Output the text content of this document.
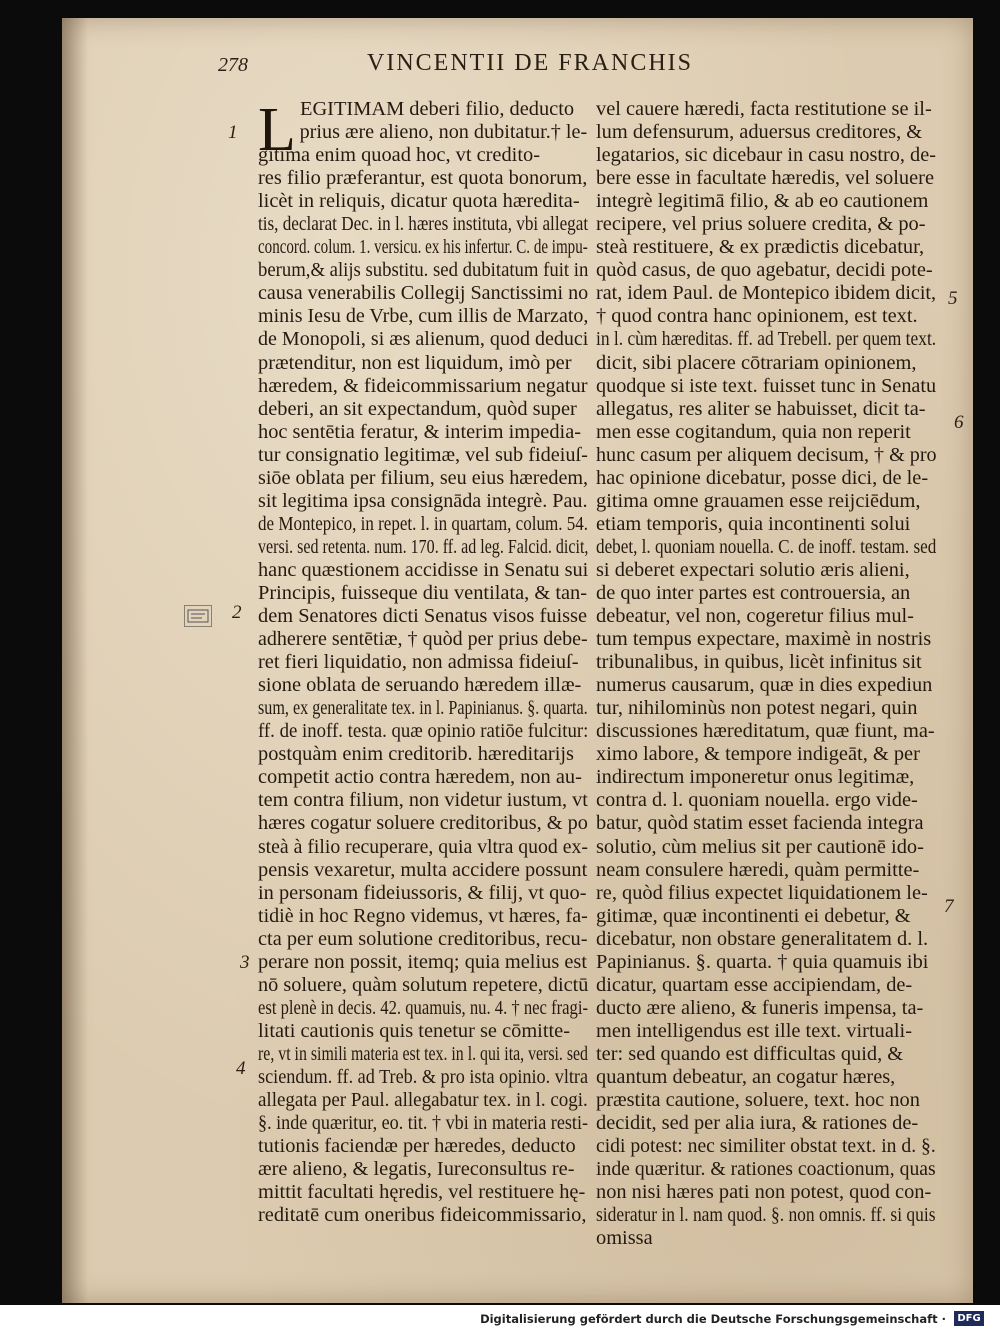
278	VINCENTII DE FRANCHIS
L EGITIMAM deberi filio, deducto
prius ære alieno, non dubitatur.† le-
gitima enim quoad hoc, vt credito-
res filio præferantur, est quota bonorum,
licèt in reliquis, dicatur quota hæredita-
tis, declarat Dec. in l. hæres instituta, vbi allegat
concord. colum. 1. versicu. ex his infertur. C. de impu-
berum,& alijs substitu. sed dubitatum fuit in
causa venerabilis Collegij Sanctissimi no
minis Iesu de Vrbe, cum illis de Marzato,
de Monopoli, si æs alienum, quod deduci
prætenditur, non est liquidum, imò per
hæredem, & fideicommissarium negatur
deberi, an sit expectandum, quòd super
hoc sentētia feratur, & interim impedia-
tur consignatio legitimæ, vel sub fideiuſ-
siōe oblata per filium, seu eius hæredem,
sit legitima ipsa consignāda integrè. Pau.
de Montepico, in repet. l. in quartam, colum. 54.
versi. sed retenta. num. 170. ff. ad leg. Falcid. dicit,
hanc quæstionem accidisse in Senatu sui
Principis, fuisseque diu ventilata, & tan-
dem Senatores dicti Senatus visos fuisse
adherere sentētiæ, † quòd per prius debe-
ret fieri liquidatio, non admissa fideiuſ-
sione oblata de seruando hæredem illæ-
sum, ex generalitate tex. in l. Papinianus. §. quarta.
ff. de inoff. testa. quæ opinio ratiōe fulcitur:
postquàm enim creditorib. hæreditarijs
competit actio contra hæredem, non au-
tem contra filium, non videtur iustum, vt
hæres cogatur soluere creditoribus, & po
steà à filio recuperare, quia vltra quod ex-
pensis vexaretur, multa accidere possunt
in personam fideiussoris, & filij, vt quo-
tidiè in hoc Regno videmus, vt hæres, fa-
cta per eum solutione creditoribus, recu-
perare non possit, itemq; quia melius est
nō soluere, quàm solutum repetere, dictū
est plenè in decis. 42. quamuis, nu. 4. † nec fragi-
litati cautionis quis tenetur se cōmitte-
re, vt in simili materia est tex. in l. qui ita, versi. sed
sciendum. ff. ad Treb. & pro ista opinio. vltra
allegata per Paul. allegabatur tex. in l. cogi.
§. inde quæritur, eo. tit. † vbi in materia resti-
tutionis faciendæ per hæredes, deducto
ære alieno, & legatis, Iureconsultus re-
mittit facultati hęredis, vel restituere hę-
reditatē cum oneribus fideicommissario,
vel cauere hæredi, facta restitutione se il-
lum defensurum, aduersus creditores, &
legatarios, sic dicebaur in casu nostro, de-
bere esse in facultate hæredis, vel soluere
integrè legitimā filio, & ab eo cautionem
recipere, vel prius soluere credita, & po-
steà restituere, & ex prædictis dicebatur,
quòd casus, de quo agebatur, decidi pote-
rat, idem Paul. de Montepico ibidem dicit,
† quod contra hanc opinionem, est text.
in l. cùm hæreditas. ff. ad Trebell. per quem text.
dicit, sibi placere cōtrariam opinionem,
quodque si iste text. fuisset tunc in Senatu
allegatus, res aliter se habuisset, dicit ta-
men esse cogitandum, quia non reperit
hunc casum per aliquem decisum, † & pro
hac opinione dicebatur, posse dici, de le-
gitima omne grauamen esse reijciēdum,
etiam temporis, quia incontinenti solui
debet, l. quoniam nouella. C. de inoff. testam. sed
si deberet expectari solutio æris alieni,
de quo inter partes est controuersia, an
debeatur, vel non, cogeretur filius mul-
tum tempus expectare, maximè in nostris
tribunalibus, in quibus, licèt infinitus sit
numerus causarum, quæ in dies expediun
tur, nihilominùs non potest negari, quin
discussiones hæreditatum, quæ fiunt, ma-
ximo labore, & tempore indigeāt, & per
indirectum imponeretur onus legitimæ,
contra d. l. quoniam nouella. ergo vide-
batur, quòd statim esset facienda integra
solutio, cùm melius sit per cautionē ido-
neam consulere hæredi, quàm permitte-
re, quòd filius expectet liquidationem le-
gitimæ, quæ incontinenti ei debetur, &
dicebatur, non obstare generalitatem d. l.
Papinianus. §. quarta. † quia quamuis ibi
dicatur, quartam esse accipiendam, de-
ducto ære alieno, & funeris impensa, ta-
men intelligendus est ille text. virtuali-
ter: sed quando est difficultas quid, &
quantum debeatur, an cogatur hæres,
præstita cautione, soluere, text. hoc non
decidit, sed per alia iura, & rationes de-
cidi potest: nec similiter obstat text. in d. §.
inde quæritur. & rationes coactionum, quas
non nisi hæres pati non potest, quod con-
sideratur in l. nam quod. §. non omnis. ff. si quis
omissa
1
2
3
4
5
6
7
Digitalisierung gefördert durch die Deutsche Forschungsgemeinschaft ·	DFG
